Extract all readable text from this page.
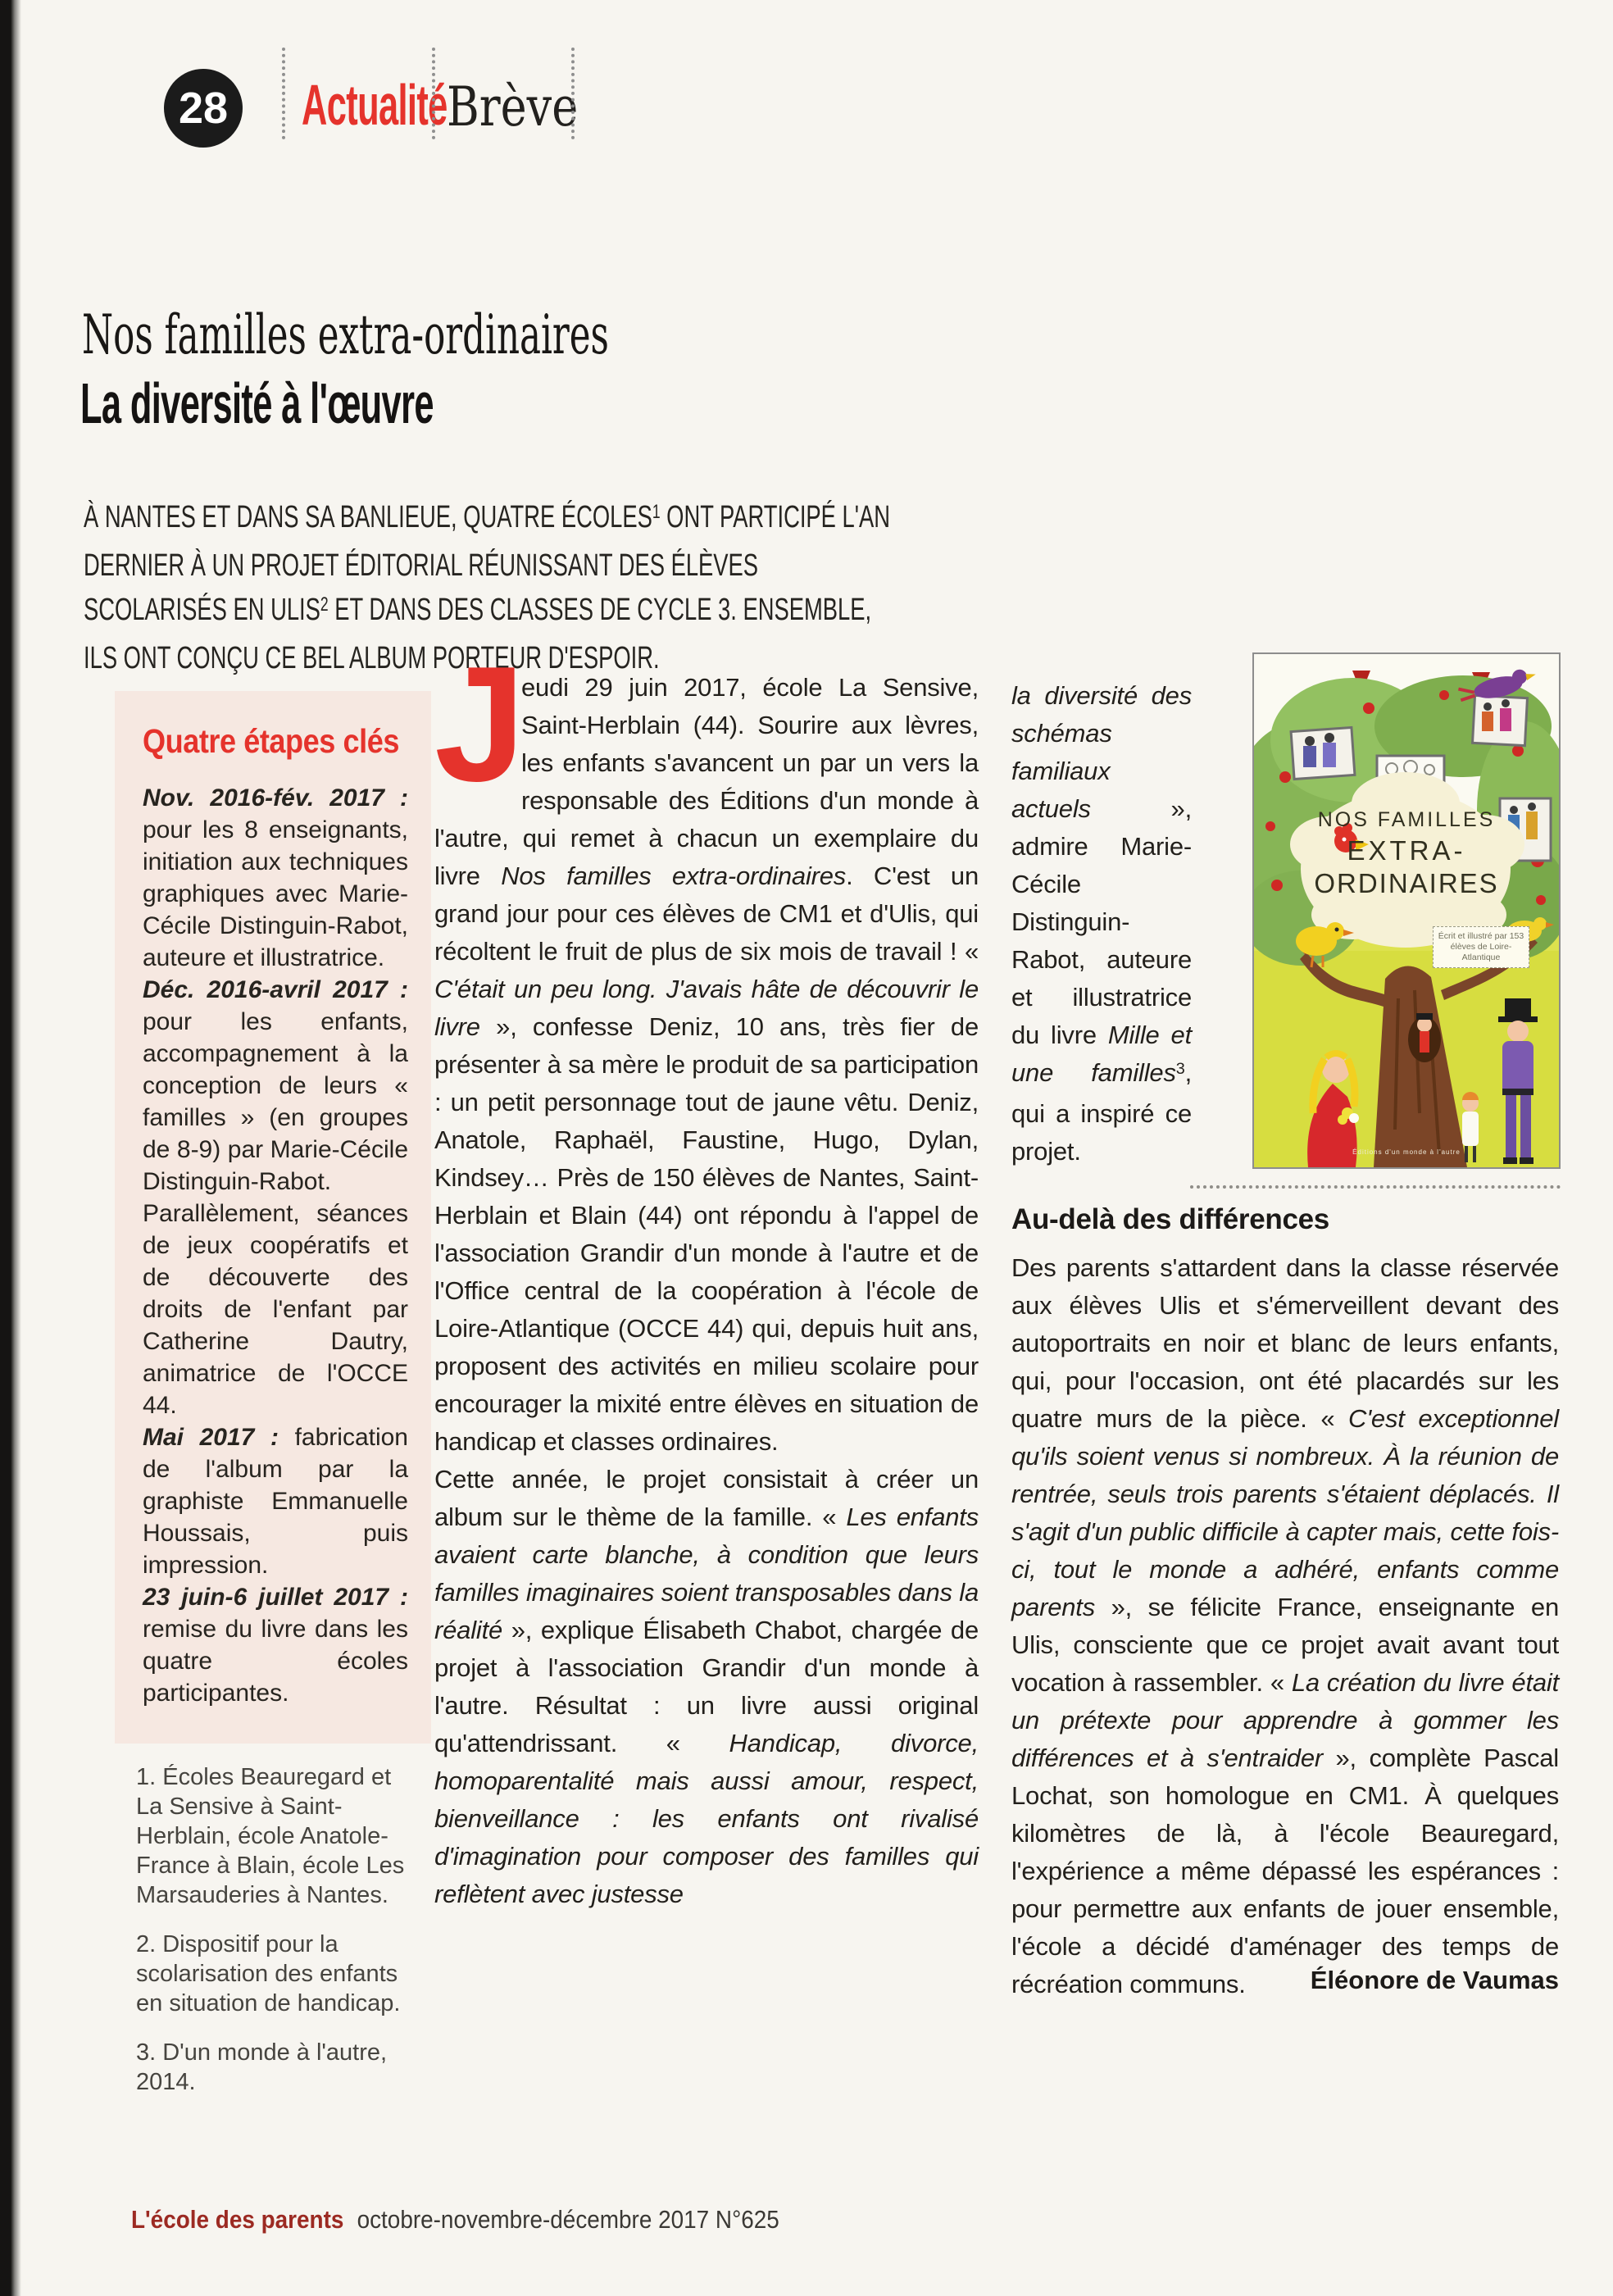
28 Actualité Brève
Nos familles extra-ordinaires
La diversité à l'œuvre
À NANTES ET DANS SA BANLIEUE, QUATRE ÉCOLES$^1$ ONT PARTICIPÉ L'AN DERNIER À UN PROJET ÉDITORIAL RÉUNISSANT DES ÉLÈVES SCOLARISÉS EN ULIS$^2$ ET DANS DES CLASSES DE CYCLE 3. ENSEMBLE, ILS ONT CONÇU CE BEL ALBUM PORTEUR D'ESPOIR.
Quatre étapes clés

Nov. 2016-fév. 2017 : pour les 8 enseignants, initiation aux techniques graphiques avec Marie-Cécile Distinguin-Rabot, auteure et illustratrice.

Déc. 2016-avril 2017 : pour les enfants, accompagnement à la conception de leurs « familles » (en groupes de 8-9) par Marie-Cécile Distinguin-Rabot. Parallèlement, séances de jeux coopératifs et de découverte des droits de l'enfant par Catherine Dautry, animatrice de l'OCCE 44.

Mai 2017 : fabrication de l'album par la graphiste Emmanuelle Houssais, puis impression.

23 juin-6 juillet 2017 : remise du livre dans les quatre écoles participantes.

1. Écoles Beauregard et La Sensive à Saint-Herblain, école Anatole-France à Blain, école Les Marsauderies à Nantes.

2. Dispositif pour la scolarisation des enfants en situation de handicap.

3. D'un monde à l'autre, 2014.

J

eudi 29 juin 2017, école La Sensive, Saint-Herblain (44). Sourire aux lèvres, les enfants s'avancent un par un vers la responsable des Éditions d'un monde à l'autre, qui remet à chacun un exemplaire du livre Nos familles extra-ordinaires. C'est un grand jour pour ces élèves de CM1 et d'Ulis, qui récoltent le fruit de plus de six mois de travail ! « C'était un peu long. J'avais hâte de découvrir le livre », confesse Deniz, 10 ans, très fier de présenter à sa mère le produit de sa participation : un petit personnage tout de jaune vêtu. Deniz, Anatole, Raphaël, Faustine, Hugo, Dylan, Kindsey… Près de 150 élèves de Nantes, Saint-Herblain et Blain (44) ont répondu à l'appel de l'association Grandir d'un monde à l'autre et de l'Office central de la coopération à l'école de Loire-Atlantique (OCCE 44) qui, depuis huit ans, proposent des activités en milieu scolaire pour encourager la mixité entre élèves en situation de handicap et classes ordinaires.

Cette année, le projet consistait à créer un album sur le thème de la famille. « Les enfants avaient carte blanche, à condition que leurs familles imaginaires soient transposables dans la réalité », explique Élisabeth Chabot, chargée de projet à l'association Grandir d'un monde à l'autre. Résultat : un livre aussi original qu'attendrissant. « Handicap, divorce, homoparentalité mais aussi amour, respect, bienveillance : les enfants ont rivalisé d'imagination pour composer des familles qui reflètent avec justesse

la diversité des schémas familiaux actuels », admire Marie-Cécile Distinguin-Rabot, auteure et illustratrice du livre Mille et une familles$^3$, qui a inspiré ce projet.

NOS FAMILLES
EXTRA-
ORDINAIRES
Écrit et illustré par 153 élèves de Loire-Atlantique
Éditions d'un monde à l'autre
Au-delà des différences

Des parents s'attardent dans la classe réservée aux élèves Ulis et s'émerveillent devant des autoportraits en noir et blanc de leurs enfants, qui, pour l'occasion, ont été placardés sur les quatre murs de la pièce. « C'est exceptionnel qu'ils soient venus si nombreux. À la réunion de rentrée, seuls trois parents s'étaient déplacés. Il s'agit d'un public difficile à capter mais, cette fois-ci, tout le monde a adhéré, enfants comme parents », se félicite France, enseignante en Ulis, consciente que ce projet avait avant tout vocation à rassembler. « La création du livre était un prétexte pour apprendre à gommer les différences et à s'entraider », complète Pascal Lochat, son homologue en CM1. À quelques kilomètres de là, à l'école Beauregard, l'expérience a même dépassé les espérances : pour permettre aux enfants de jouer ensemble, l'école a décidé d'aménager des temps de récréation communs.	Éléonore de Vaumas
L'école des parents octobre-novembre-décembre 2017 N°625
